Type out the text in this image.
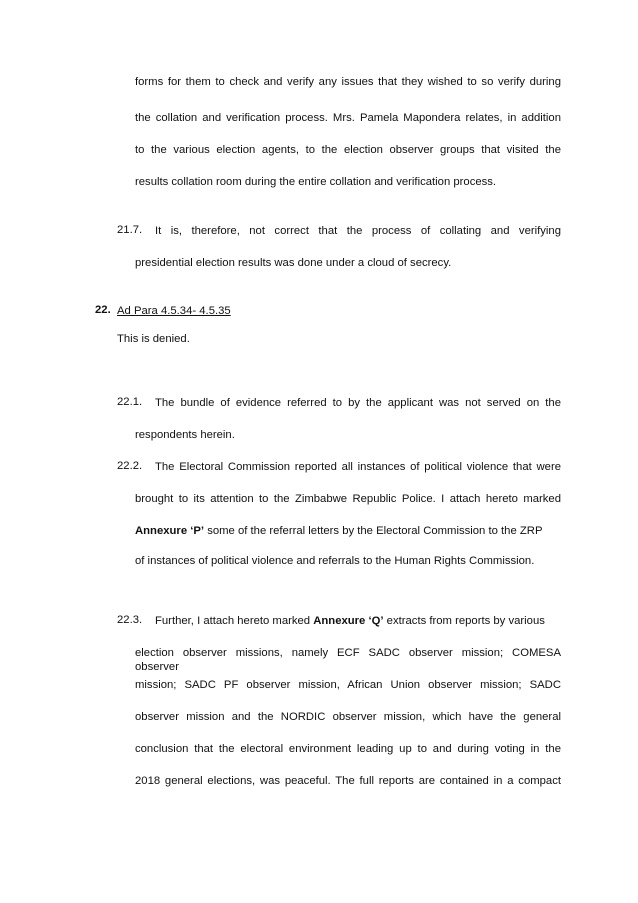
forms for them to check and verify any issues that they wished to so verify during
the collation and verification process. Mrs. Pamela Mapondera relates, in addition
to the various election agents, to the election observer groups that visited the
results collation room during the entire collation and verification process.
21.7. It is, therefore, not correct that the process of collating and verifying
presidential election results was done under a cloud of secrecy.
22. Ad Para 4.5.34- 4.5.35
This is denied.
22.1. The bundle of evidence referred to by the applicant was not served on the
respondents herein.
22.2. The Electoral Commission reported all instances of political violence that were
brought to its attention to the Zimbabwe Republic Police. I attach hereto marked
Annexure ‘P’ some of the referral letters by the Electoral Commission to the ZRP
of instances of political violence and referrals to the Human Rights Commission.
22.3. Further, I attach hereto marked Annexure ‘Q’ extracts from reports by various
election observer missions, namely ECF SADC observer mission; COMESA observer
mission; SADC PF observer mission, African Union observer mission; SADC
observer mission and the NORDIC observer mission, which have the general
conclusion that the electoral environment leading up to and during voting in the
2018 general elections, was peaceful. The full reports are contained in a compact
